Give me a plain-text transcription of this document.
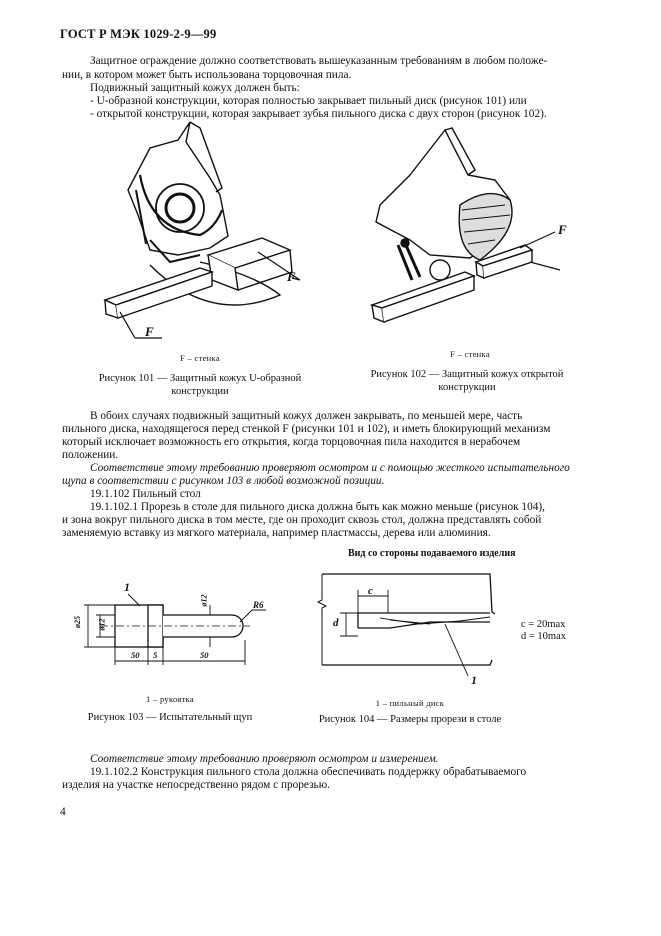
ГОСТ Р МЭК 1029-2-9—99
Защитное ограждение должно соответствовать вышеуказанным требованиям в любом положе-
нии, в котором может быть использована торцовочная пила.
Подвижный защитный кожух должен быть:
- U-образной конструкции, которая полностью закрывает пильный диск (рисунок 101) или
- открытой конструкции, которая закрывает зубья пильного диска с двух сторон (рисунок 102).
F
F
F – стенка
Рисунок 101 — Защитный кожух U-образной
конструкции
F
F – стенка
Рисунок 102 — Защитный кожух открытой
конструкции
В обоих случаях подвижный защитный кожух должен закрывать, по меньшей мере, часть
пильного диска, находящегося перед стенкой F (рисунки 101 и 102), и иметь блокирующий механизм
который исключает возможность его открытия, когда торцовочная пила находится в нерабочем
положении.
Соответствие этому требованию проверяют осмотром и с помощью жесткого испытательного
щупа в соответствии с рисунком 103 в любой возможной позиции.
19.1.102 Пильный стол
19.1.102.1 Прорезь в столе для пильного диска должна быть как можно меньше (рисунок 104),
и зона вокруг пильного диска в том месте, где он проходит сквозь стол, должна представлять собой
заменяемую вставку из мягкого материала, например пластмассы, дерева или алюминия.
1
ø25 ø12
ø12	R6
50 5	50
1 – рукоятка
Рисунок 103 — Испытательный щуп
Вид со стороны подаваемого изделия
c
d
1
c = 20max
d = 10max
1 – пильный диск
Рисунок 104 — Размеры прорези в столе
Соответствие этому требованию проверяют осмотром и измерением.
19.1.102.2 Конструкция пильного стола должна обеспечивать поддержку обрабатываемого
изделия на участке непосредственно рядом с прорезью.
4
